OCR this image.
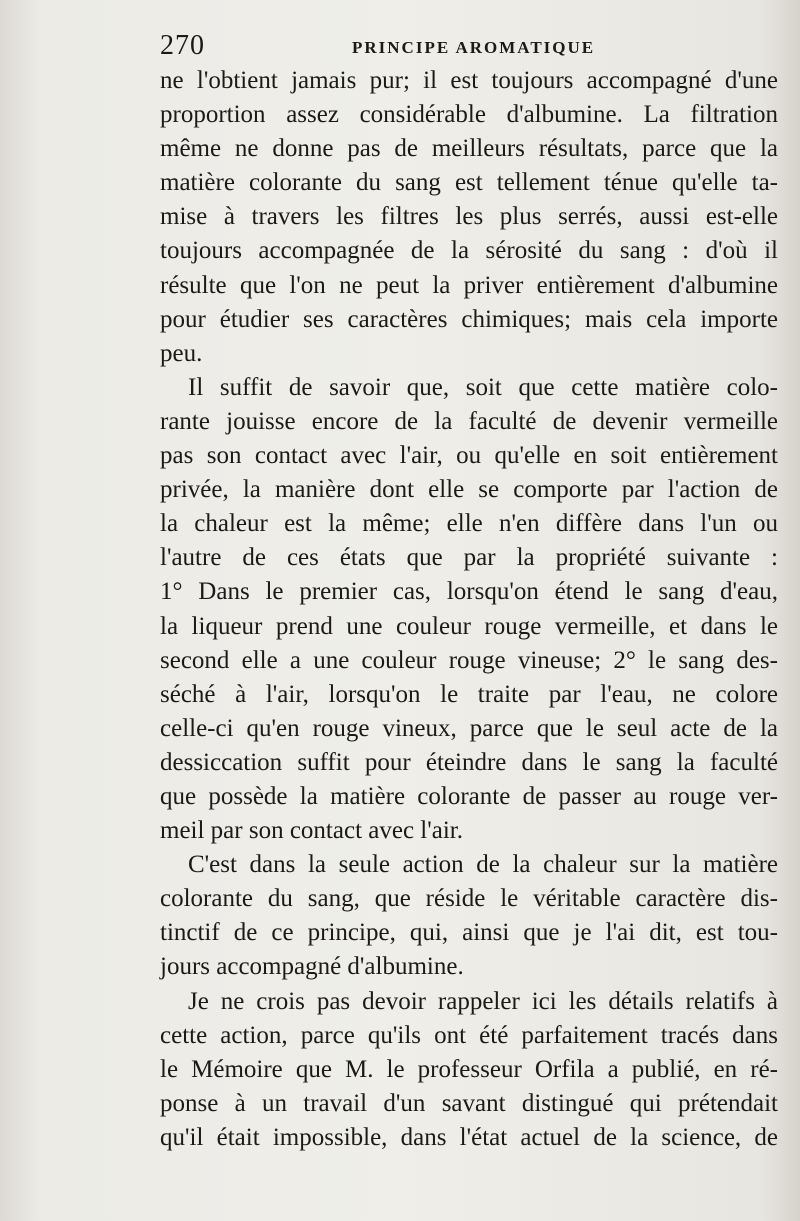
270	PRINCIPE AROMATIQUE
ne l'obtient jamais pur; il est toujours accompagné d'une
proportion assez considérable d'albumine. La filtration
même ne donne pas de meilleurs résultats, parce que la
matière colorante du sang est tellement ténue qu'elle ta-
mise à travers les filtres les plus serrés, aussi est-elle
toujours accompagnée de la sérosité du sang : d'où il
résulte que l'on ne peut la priver entièrement d'albumine
pour étudier ses caractères chimiques; mais cela importe
peu.
Il suffit de savoir que, soit que cette matière colo-
rante jouisse encore de la faculté de devenir vermeille
pas son contact avec l'air, ou qu'elle en soit entièrement
privée, la manière dont elle se comporte par l'action de
la chaleur est la même; elle n'en diffère dans l'un ou
l'autre de ces états que par la propriété suivante :
1° Dans le premier cas, lorsqu'on étend le sang d'eau,
la liqueur prend une couleur rouge vermeille, et dans le
second elle a une couleur rouge vineuse; 2° le sang des-
séché à l'air, lorsqu'on le traite par l'eau, ne colore
celle-ci qu'en rouge vineux, parce que le seul acte de la
dessiccation suffit pour éteindre dans le sang la faculté
que possède la matière colorante de passer au rouge ver-
meil par son contact avec l'air.
C'est dans la seule action de la chaleur sur la matière
colorante du sang, que réside le véritable caractère dis-
tinctif de ce principe, qui, ainsi que je l'ai dit, est tou-
jours accompagné d'albumine.
Je ne crois pas devoir rappeler ici les détails relatifs à
cette action, parce qu'ils ont été parfaitement tracés dans
le Mémoire que M. le professeur Orfila a publié, en ré-
ponse à un travail d'un savant distingué qui prétendait
qu'il était impossible, dans l'état actuel de la science, de
